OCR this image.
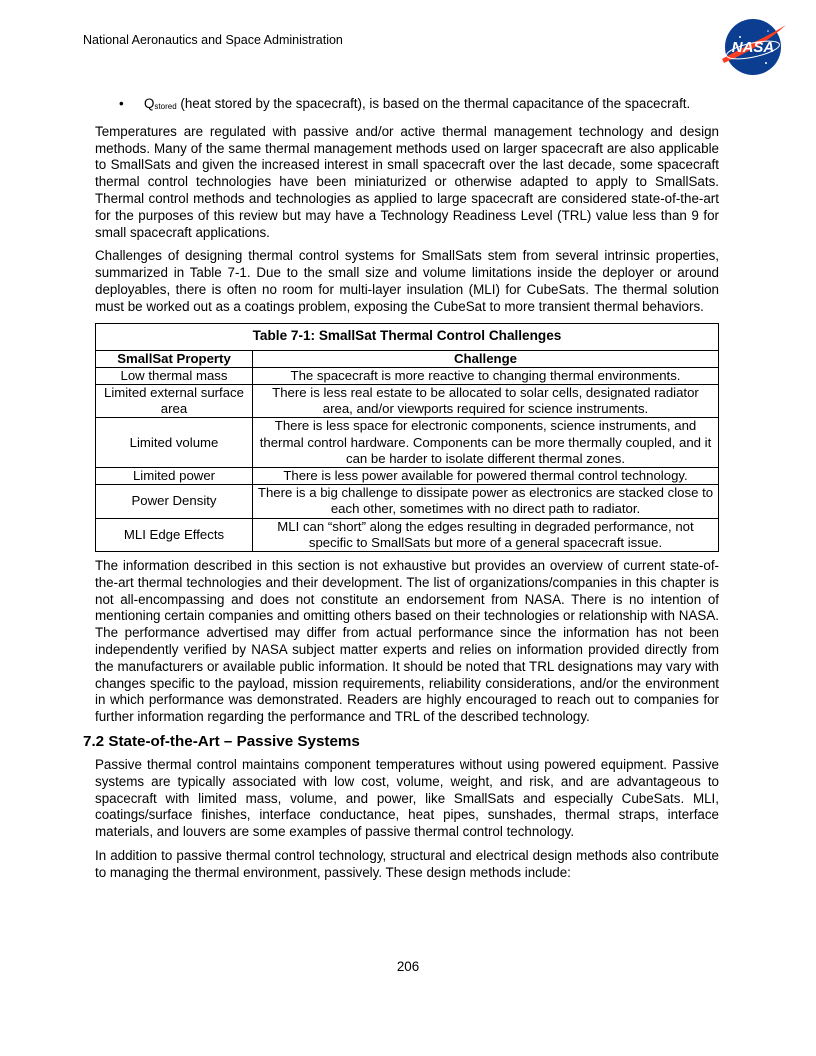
National Aeronautics and Space Administration	NASA
• $Q_{stored}$ (heat stored by the spacecraft), is based on the thermal capacitance of the spacecraft.

Temperatures are regulated with passive and/or active thermal management technology and design methods. Many of the same thermal management methods used on larger spacecraft are also applicable to SmallSats and given the increased interest in small spacecraft over the last decade, some spacecraft thermal control technologies have been miniaturized or otherwise adapted to apply to SmallSats. Thermal control methods and technologies as applied to large spacecraft are considered state-of-the-art for the purposes of this review but may have a Technology Readiness Level (TRL) value less than 9 for small spacecraft applications.

Challenges of designing thermal control systems for SmallSats stem from several intrinsic properties, summarized in Table 7-1. Due to the small size and volume limitations inside the deployer or around deployables, there is often no room for multi-layer insulation (MLI) for CubeSats. The thermal solution must be worked out as a coatings problem, exposing the CubeSat to more transient thermal behaviors.

Table 7-1: SmallSat Thermal Control Challenges	
SmallSat Property	Challenge
Low thermal mass	The spacecraft is more reactive to changing thermal environments.
Limited external surface area	There is less real estate to be allocated to solar cells, designated radiator area, and/or viewports required for science instruments.
Limited volume	There is less space for electronic components, science instruments, and thermal control hardware. Components can be more thermally coupled, and it can be harder to isolate different thermal zones.
Limited power	There is less power available for powered thermal control technology.
Power Density	There is a big challenge to dissipate power as electronics are stacked close to each other, sometimes with no direct path to radiator.
MLI Edge Effects	MLI can “short” along the edges resulting in degraded performance, not specific to SmallSats but more of a general spacecraft issue.

The information described in this section is not exhaustive but provides an overview of current state-of-the-art thermal technologies and their development. The list of organizations/companies in this chapter is not all-encompassing and does not constitute an endorsement from NASA. There is no intention of mentioning certain companies and omitting others based on their technologies or relationship with NASA. The performance advertised may differ from actual performance since the information has not been independently verified by NASA subject matter experts and relies on information provided directly from the manufacturers or available public information. It should be noted that TRL designations may vary with changes specific to the payload, mission requirements, reliability considerations, and/or the environment in which performance was demonstrated. Readers are highly encouraged to reach out to companies for further information regarding the performance and TRL of the described technology.

7.2 State-of-the-Art – Passive Systems

Passive thermal control maintains component temperatures without using powered equipment. Passive systems are typically associated with low cost, volume, weight, and risk, and are advantageous to spacecraft with limited mass, volume, and power, like SmallSats and especially CubeSats. MLI, coatings/surface finishes, interface conductance, heat pipes, sunshades, thermal straps, interface materials, and louvers are some examples of passive thermal control technology.

In addition to passive thermal control technology, structural and electrical design methods also contribute to managing the thermal environment, passively. These design methods include:

206
